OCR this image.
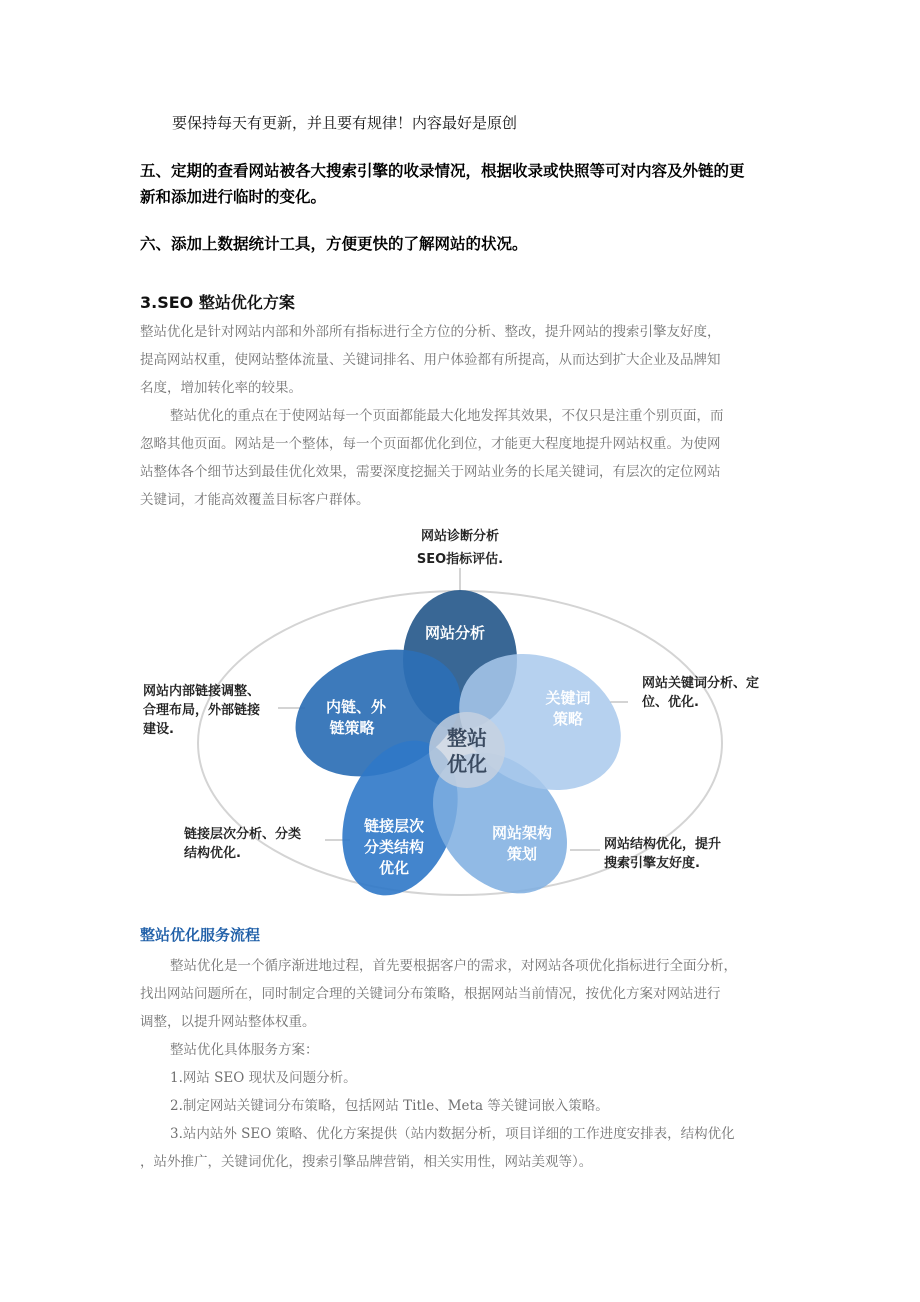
要保持每天有更新，并且要有规律！内容最好是原创
五、定期的查看网站被各大搜索引擎的收录情况，根据收录或快照等可对内容及外链的更
新和添加进行临时的变化。
六、添加上数据统计工具，方便更快的了解网站的状况。
3.SEO 整站优化方案
整站优化是针对网站内部和外部所有指标进行全方位的分析、整改，提升网站的搜索引擎友好度，
提高网站权重，使网站整体流量、关键词排名、用户体验都有所提高，从而达到扩大企业及品牌知
名度，增加转化率的较果。
整站优化的重点在于使网站每一个页面都能最大化地发挥其效果，不仅只是注重个别页面，而
忽略其他页面。网站是一个整体，每一个页面都优化到位，才能更大程度地提升网站权重。为使网
站整体各个细节达到最佳优化效果，需要深度挖掘关于网站业务的长尾关键词，有层次的定位网站
关键词，才能高效覆盖目标客户群体。
整站
优化
网站分析
关键词
策略
内链、外
链策略
链接层次
分类结构
优化
网站架构
策划
网站诊断分析
SEO指标评估.
网站关键词分析、定
位、优化.
网站内部链接调整、
合理布局，外部链接
建设.
链接层次分析、分类
结构优化.
网站结构优化，提升
搜索引擎友好度.
整站优化服务流程
整站优化是一个循序渐进地过程，首先要根据客户的需求，对网站各项优化指标进行全面分析，
找出网站问题所在，同时制定合理的关键词分布策略，根据网站当前情况，按优化方案对网站进行
调整，以提升网站整体权重。
整站优化具体服务方案：
1.网站 SEO 现状及问题分析。
2.制定网站关键词分布策略，包括网站 Title、Meta 等关键词嵌入策略。
3.站内站外 SEO 策略、优化方案提供（站内数据分析，项目详细的工作进度安排表，结构优化
，站外推广，关键词优化，搜索引擎品牌营销，相关实用性，网站美观等）。
